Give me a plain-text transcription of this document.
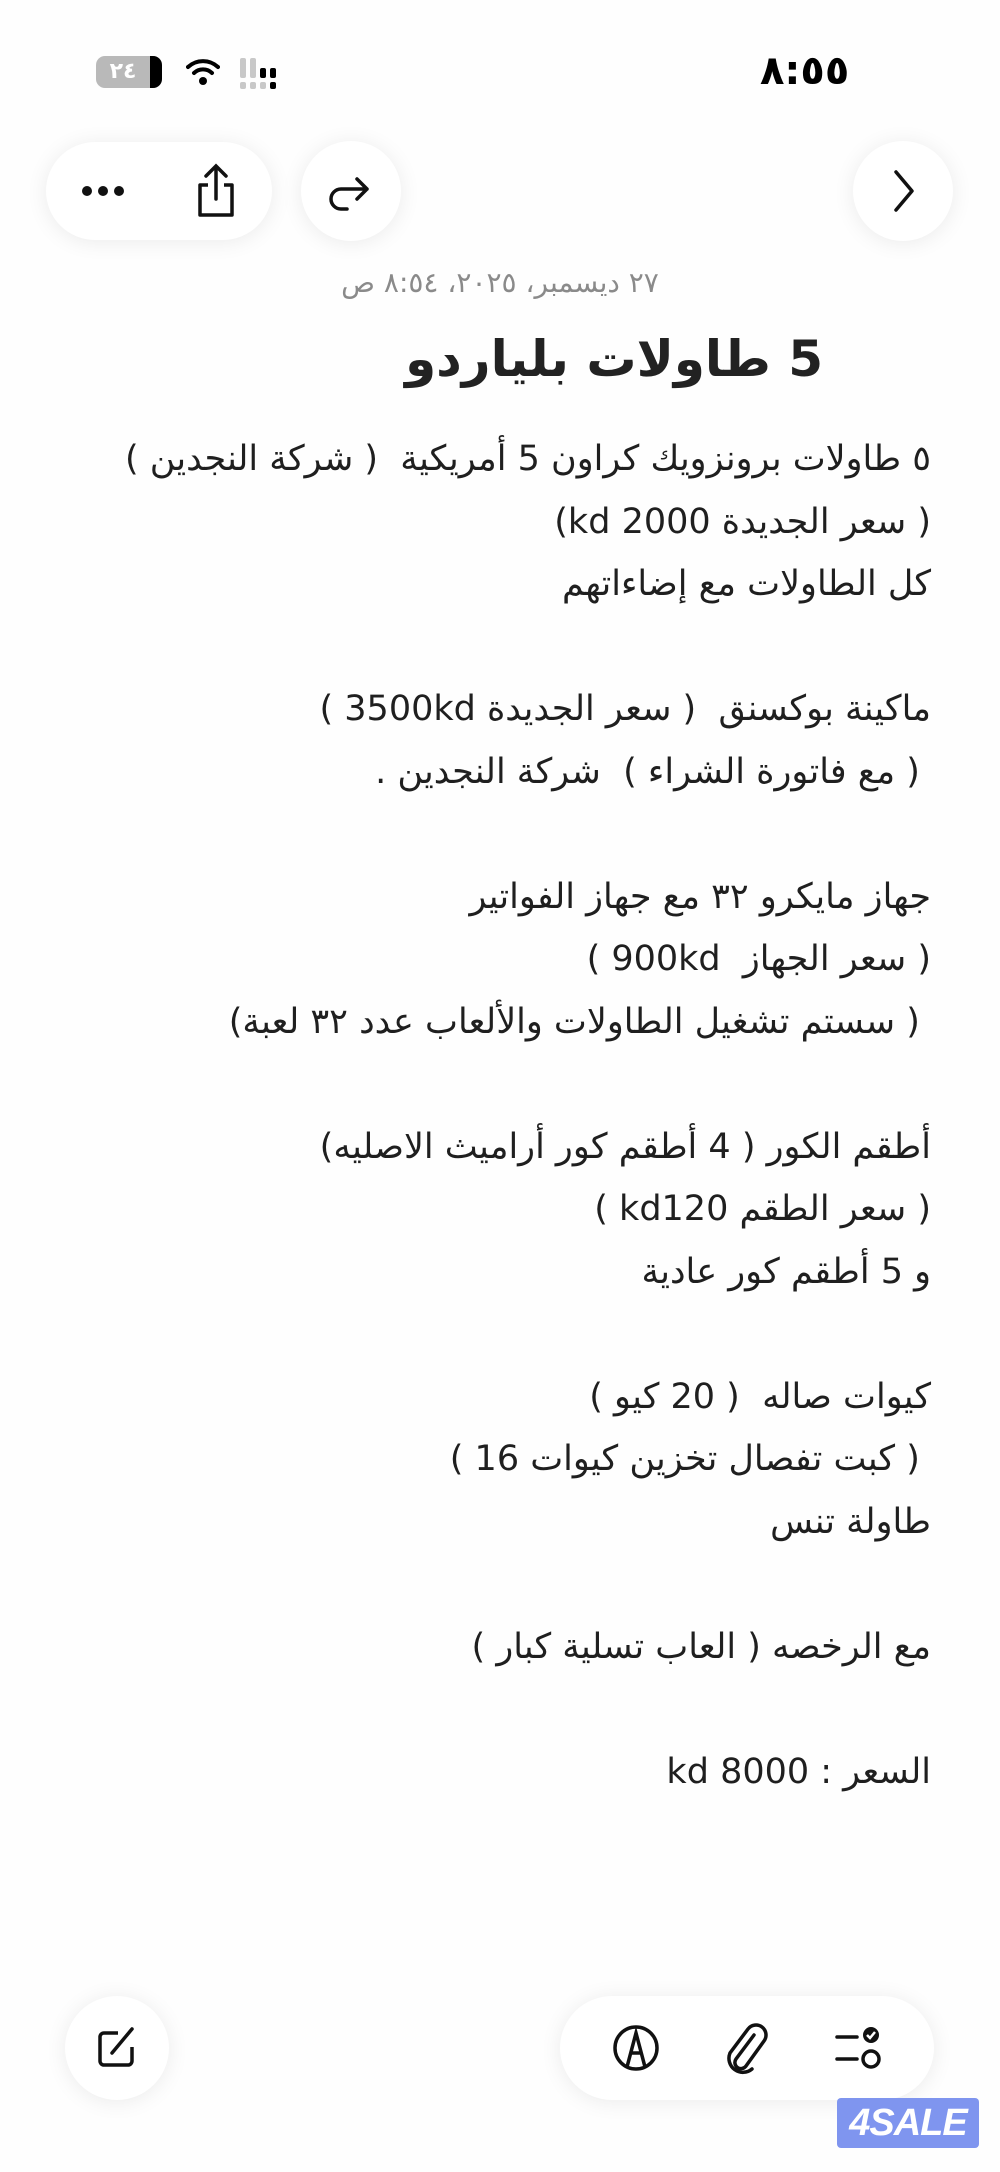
٨:٥٥
٢٤
٢٧ ديسمبر، ٢٠٢٥، ٨:٥٤ ص
5 طاولات بلياردو
٥ طاولات برونزويك كراون 5 أمريكية  ( شركة النجدين )
( سعر الجديدة 2000 kd)
كل الطاولات مع إضاءاتهم
ماكينة بوكسنق  ( سعر الجديدة 3500kd )
( مع فاتورة الشراء )  شركة النجدين .
جهاز مايكرو ٣٢ مع جهاز الفواتير
( سعر الجهاز  900kd )
( سستم تشغيل الطاولات والألعاب عدد ٣٢ لعبة)
أطقم الكور ( 4 أطقم كور أراميث الاصليه)
( سعر الطقم kd120 )
و 5 أطقم كور عادية
كيوات صاله  ( 20 كيو )
( كبت تفصال تخزين كيوات 16 )
طاولة تنس
مع الرخصه ( العاب تسلية كبار )
السعر : 8000 kd
4SALE
